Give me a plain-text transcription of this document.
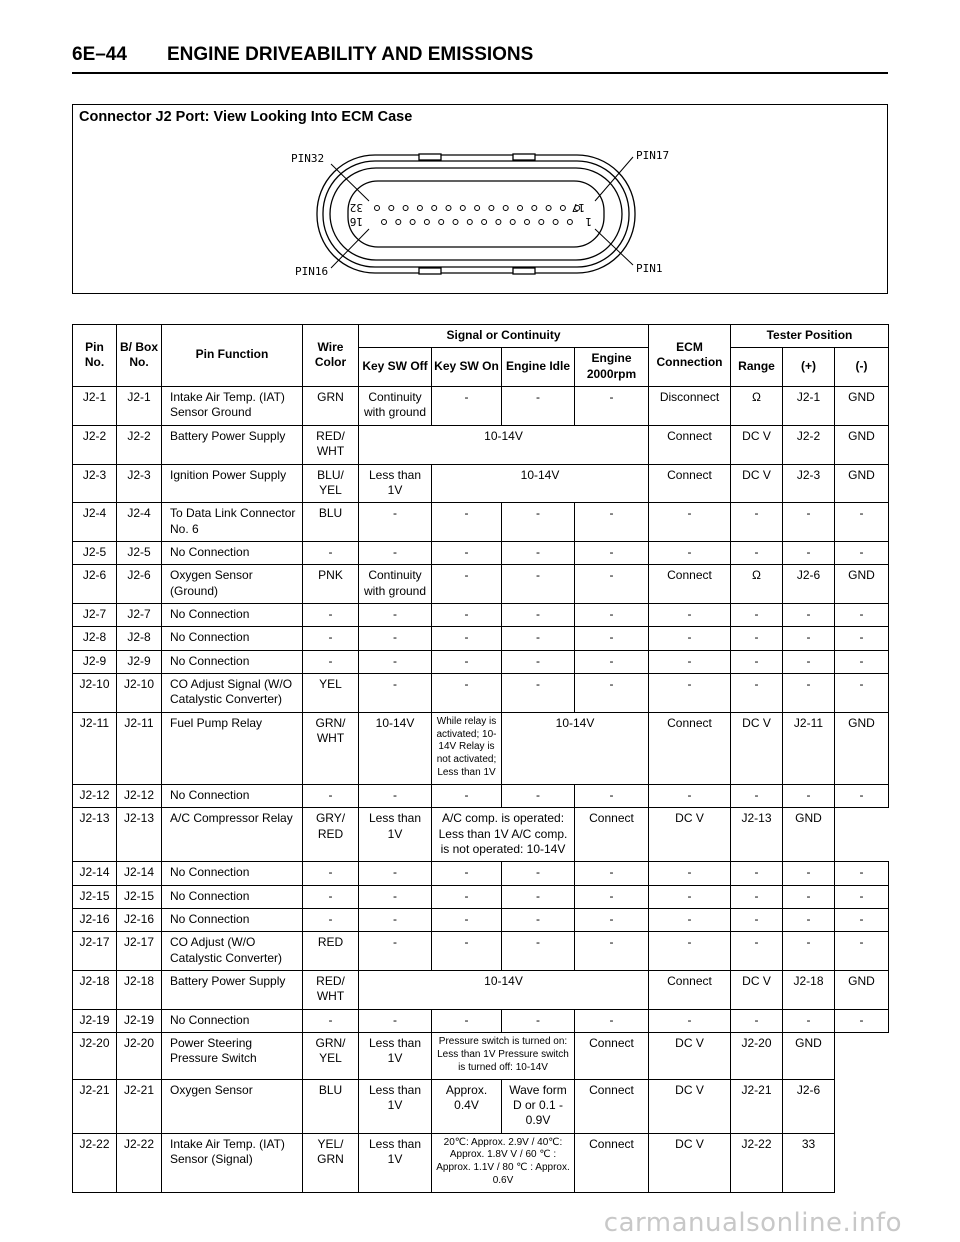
6E–44 ENGINE DRIVEABILITY AND EMISSIONS
Connector J2 Port: View Looking Into ECM Case
32	17
16	1
PIN32	PIN17
PIN16	PIN1
Pin No.	B/ Box No.	Pin Function	Wire Color	Signal or Continuity				ECM Connection	Tester Position		
				Key SW Off	Key SW On	Engine Idle	Engine 2000rpm		Range	(+)	(-)
J2-1	J2-1	Intake Air Temp. (IAT) Sensor Ground	GRN	Continuity with ground	-	-	-	Disconnect	Ω	J2-1	GND
J2-2	J2-2	Battery Power Supply	RED/ WHT	10-14V				Connect	DC V	J2-2	GND
J2-3	J2-3	Ignition Power Supply	BLU/ YEL	Less than 1V	10-14V			Connect	DC V	J2-3	GND
J2-4	J2-4	To Data Link Connector No. 6	BLU	-	-	-	-	-	-	-	-
J2-5	J2-5	No Connection	-	-	-	-	-	-	-	-	-
J2-6	J2-6	Oxygen Sensor (Ground)	PNK	Continuity with ground	-	-	-	Connect	Ω	J2-6	GND
J2-7	J2-7	No Connection	-	-	-	-	-	-	-	-	-
J2-8	J2-8	No Connection	-	-	-	-	-	-	-	-	-
J2-9	J2-9	No Connection	-	-	-	-	-	-	-	-	-
J2-10	J2-10	CO Adjust Signal (W/O Catalystic Converter)	YEL	-	-	-	-	-	-	-	-
J2-11	J2-11	Fuel Pump Relay	GRN/ WHT	10-14V	While relay is activated; 10-14V Relay is not activated; Less than 1V	10-14V		Connect	DC V	J2-11	GND
J2-12	J2-12	No Connection	-	-	-	-	-	-	-	-	-
J2-13	J2-13	A/C Compressor Relay	GRY/ RED	Less than 1V	A/C comp. is operated: Less than 1V A/C comp. is not operated: 10-14V		Connect	DC V	J2-13	GND	
J2-14	J2-14	No Connection	-	-	-	-	-	-	-	-	-
J2-15	J2-15	No Connection	-	-	-	-	-	-	-	-	-
J2-16	J2-16	No Connection	-	-	-	-	-	-	-	-	-
J2-17	J2-17	CO Adjust (W/O Catalystic Converter)	RED	-	-	-	-	-	-	-	-
J2-18	J2-18	Battery Power Supply	RED/ WHT	10-14V				Connect	DC V	J2-18	GND
J2-19	J2-19	No Connection	-	-	-	-	-	-	-	-	-
J2-20	J2-20	Power Steering Pressure Switch	GRN/ YEL	Less than 1V	Pressure switch is turned on: Less than 1V Pressure switch is turned off: 10-14V		Connect	DC V	J2-20	GND	
J2-21	J2-21	Oxygen Sensor	BLU	Less than 1V	Approx. 0.4V	Wave form D or 0.1 - 0.9V	Connect	DC V	J2-21	J2-6	
J2-22	J2-22	Intake Air Temp. (IAT) Sensor (Signal)	YEL/ GRN	Less than 1V	20℃: Approx. 2.9V / 40℃: Approx. 1.8V V / 60 ℃ : Approx. 1.1V / 80 ℃ : Approx. 0.6V		Connect	DC V	J2-22	33	
carmanualsonline.info
